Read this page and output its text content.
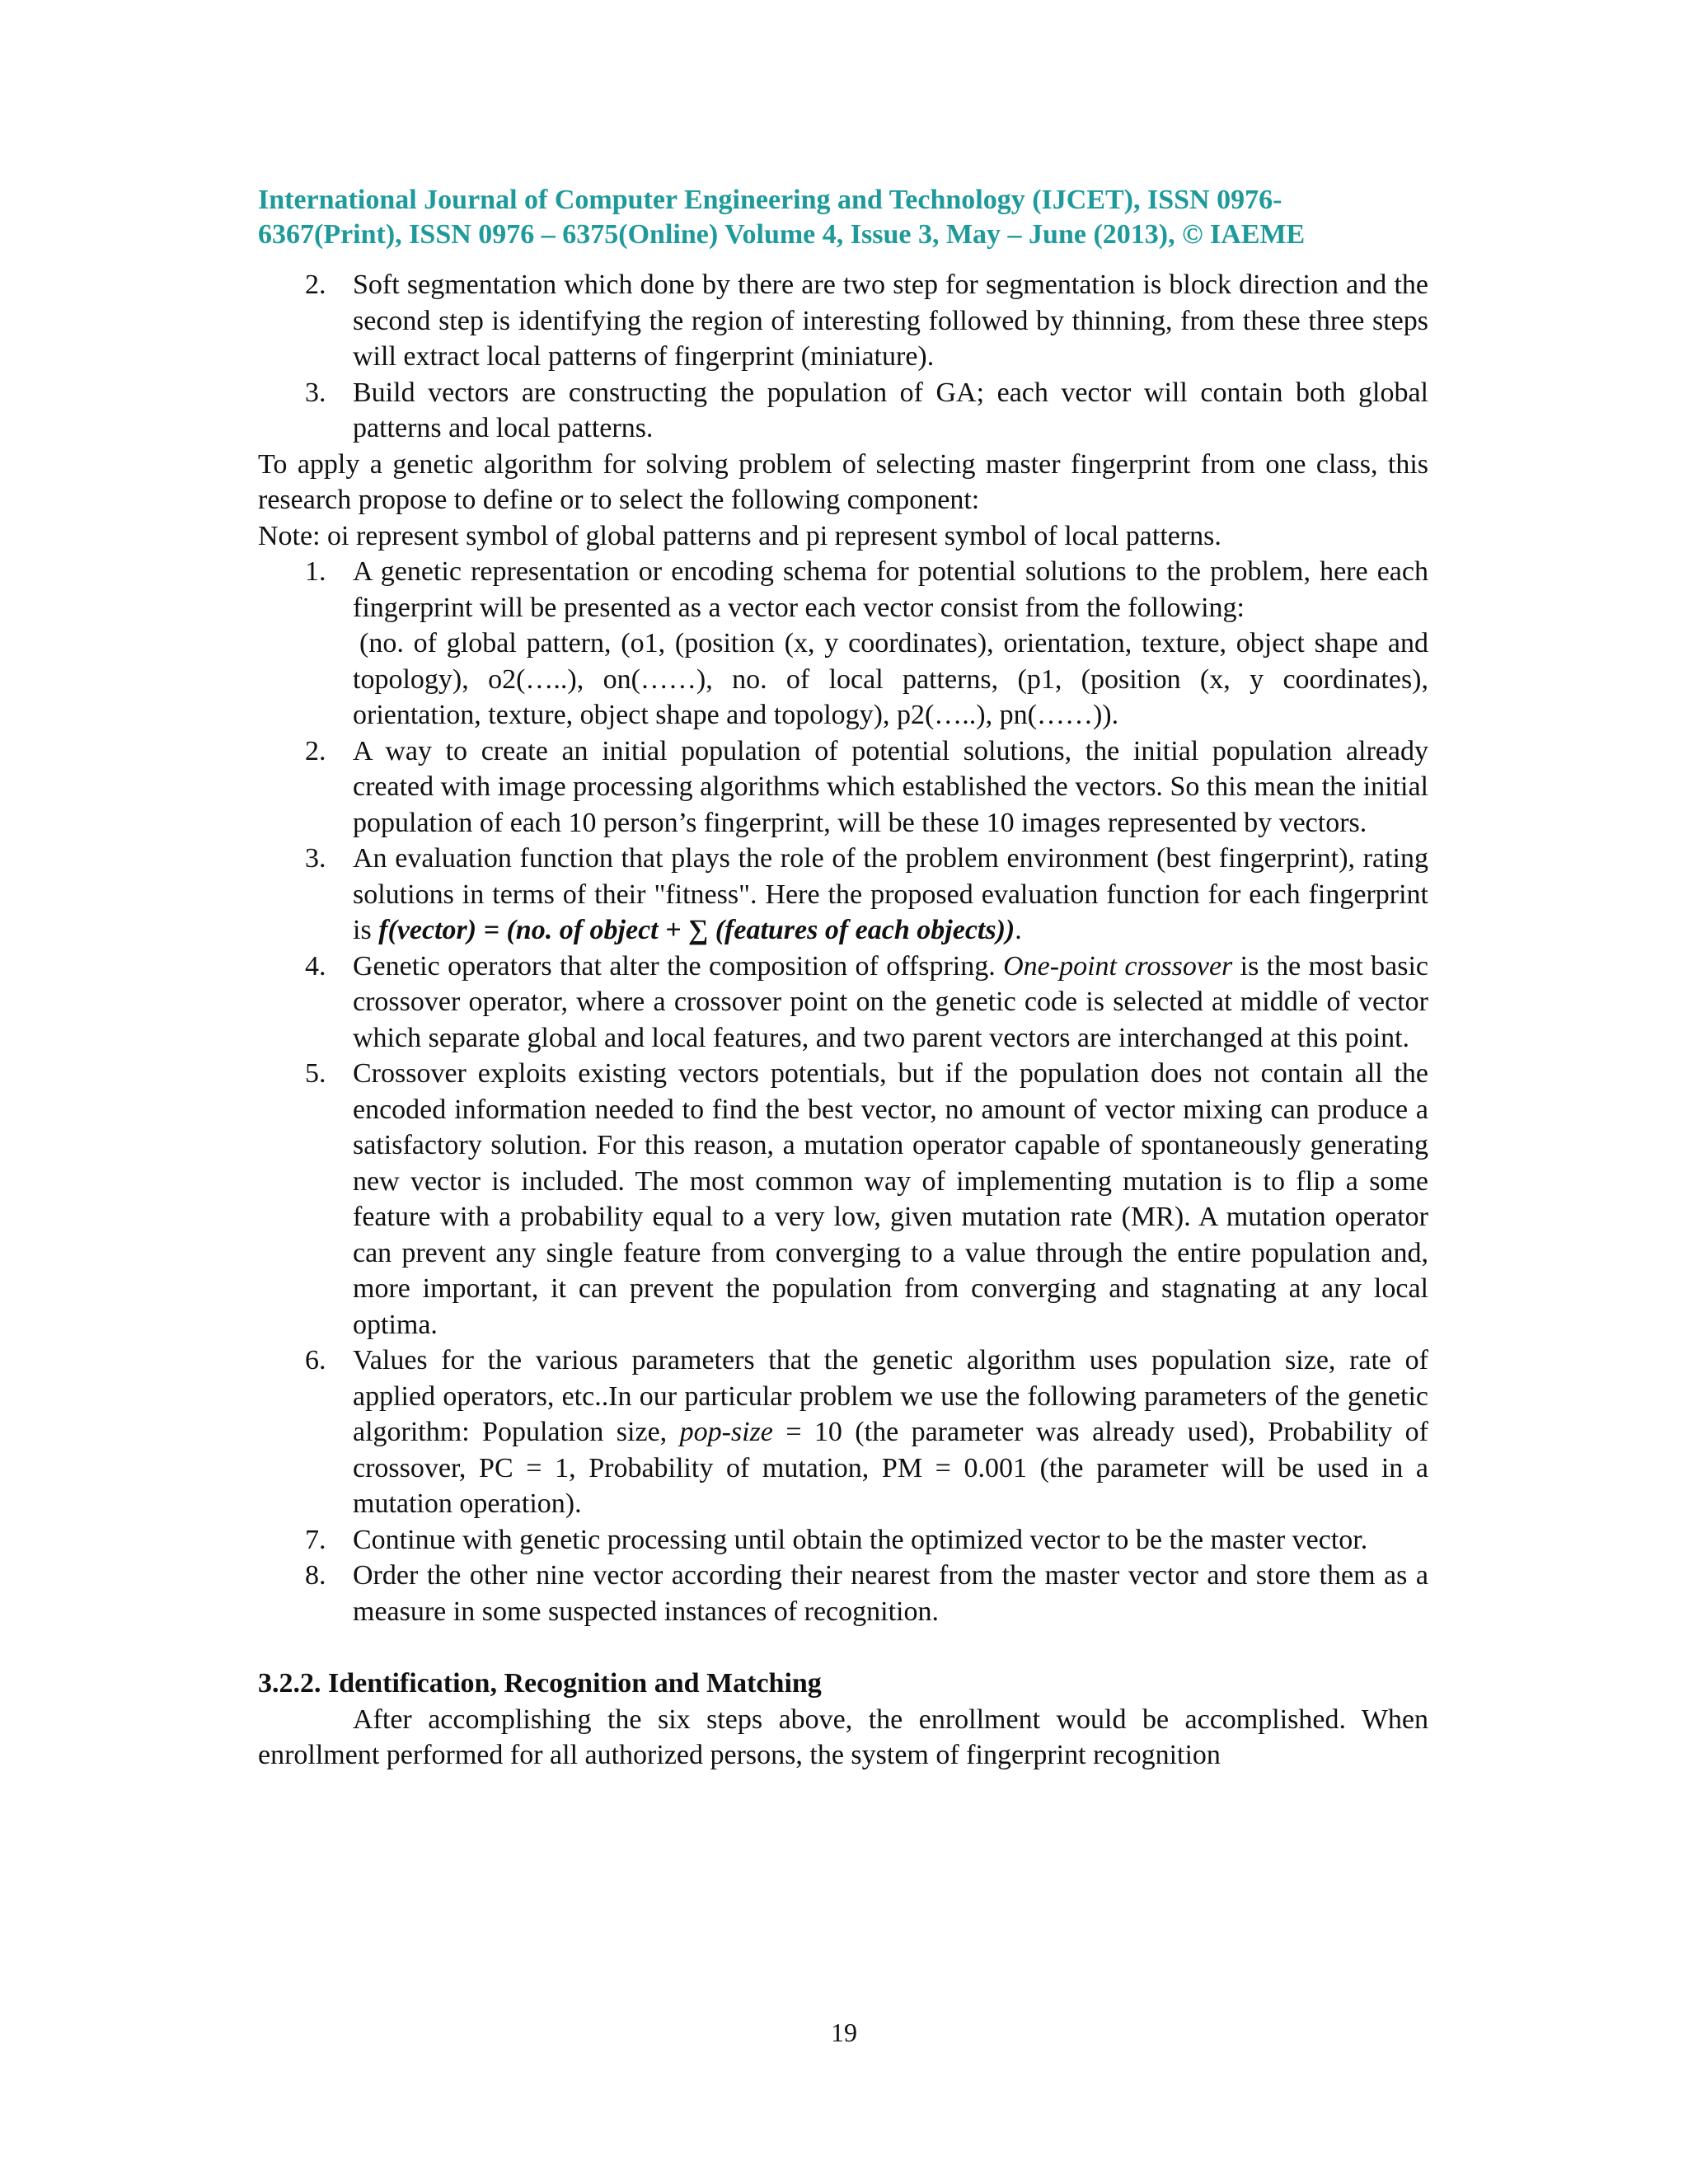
International Journal of Computer Engineering and Technology (IJCET), ISSN 0976-
6367(Print), ISSN 0976 – 6375(Online) Volume 4, Issue 3, May – June (2013), © IAEME
2. Soft segmentation which done by there are two step for segmentation is block direction and the second step is identifying the region of interesting followed by thinning, from these three steps will extract local patterns of fingerprint (miniature).
3. Build vectors are constructing the population of GA; each vector will contain both global patterns and local patterns.

To apply a genetic algorithm for solving problem of selecting master fingerprint from one class, this research propose to define or to select the following component:

Note: oi represent symbol of global patterns and pi represent symbol of local patterns.

1. A genetic representation or encoding schema for potential solutions to the problem, here each fingerprint will be presented as a vector each vector consist from the following:
(no. of global pattern, (o1, (position (x, y coordinates), orientation, texture, object shape and topology), o2(…..), on(……), no. of local patterns, (p1, (position (x, y coordinates), orientation, texture, object shape and topology), p2(…..), pn(……)).
2. A way to create an initial population of potential solutions, the initial population already created with image processing algorithms which established the vectors. So this mean the initial population of each 10 person’s fingerprint, will be these 10 images represented by vectors.
3. An evaluation function that plays the role of the problem environment (best fingerprint), rating solutions in terms of their "fitness". Here the proposed evaluation function for each fingerprint is f(vector) = (no. of object + ∑ (features of each objects)).
4. Genetic operators that alter the composition of offspring. One-point crossover is the most basic crossover operator, where a crossover point on the genetic code is selected at middle of vector which separate global and local features, and two parent vectors are interchanged at this point.
5. Crossover exploits existing vectors potentials, but if the population does not contain all the encoded information needed to find the best vector, no amount of vector mixing can produce a satisfactory solution. For this reason, a mutation operator capable of spontaneously generating new vector is included. The most common way of implementing mutation is to flip a some feature with a probability equal to a very low, given mutation rate (MR). A mutation operator can prevent any single feature from converging to a value through the entire population and, more important, it can prevent the population from converging and stagnating at any local optima.
6. Values for the various parameters that the genetic algorithm uses population size, rate of applied operators, etc..In our particular problem we use the following parameters of the genetic algorithm: Population size, pop-size = 10 (the parameter was already used), Probability of crossover, PC = 1, Probability of mutation, PM = 0.001 (the parameter will be used in a mutation operation).
7. Continue with genetic processing until obtain the optimized vector to be the master vector.
8. Order the other nine vector according their nearest from the master vector and store them as a measure in some suspected instances of recognition.
3.2.2. Identification, Recognition and Matching

After accomplishing the six steps above, the enrollment would be accomplished. When enrollment performed for all authorized persons, the system of fingerprint recognition

19
